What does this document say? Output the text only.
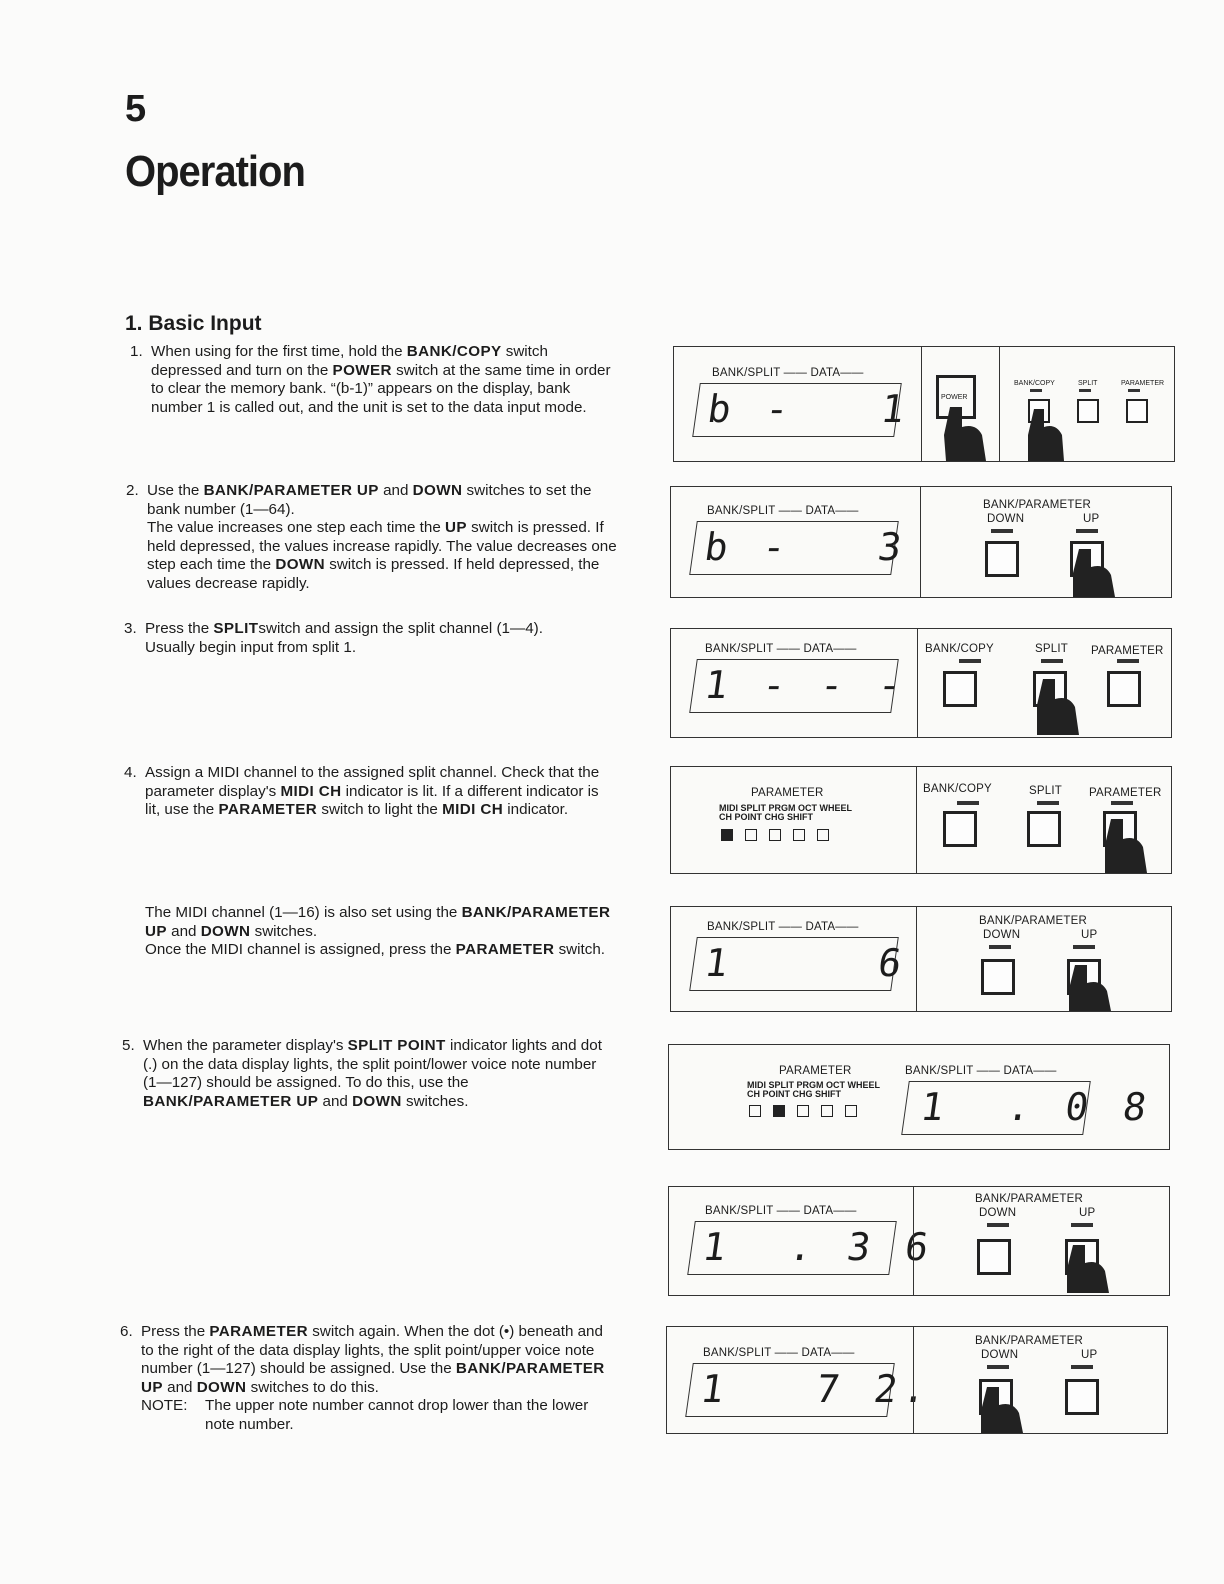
5
Operation
1. Basic Input
1. When using for the first time, hold the BANK/COPY switch depressed and turn on the POWER switch at the same time in order to clear the memory bank. “(b-1)” appears on the display, bank number 1 is called out, and the unit is set to the data input mode.
2. Use the BANK/PARAMETER UP and DOWN switches to set the bank number (1—64).
The value increases one step each time the UP switch is pressed. If held depressed, the values increase rapidly. The value decreases one step each time the DOWN switch is pressed. If held depressed, the values decrease rapidly.
3. Press the SPLITswitch and assign the split channel (1—4).
Usually begin input from split 1.
4. Assign a MIDI channel to the assigned split channel. Check that the parameter display's MIDI CH indicator is lit. If a different indicator is lit, use the PARAMETER switch to light the MIDI CH indicator.
The MIDI channel (1—16) is also set using the BANK/PARAMETER UP and DOWN switches.
Once the MIDI channel is assigned, press the PARAMETER switch.
5. When the parameter display's SPLIT POINT indicator lights and dot (.) on the data display lights, the split point/lower voice note number (1—127) should be assigned. To do this, use the BANK/PARAMETER UP and DOWN switches.
6. Press the PARAMETER switch again. When the dot (•) beneath and to the right of the data display lights, the split point/upper voice note number (1—127) should be assigned. Use the BANK/PARAMETER UP and DOWN switches to do this.
NOTE:	The upper note number cannot drop lower than the lower note number.
BANK/SPLIT —— DATA——
b -   1	POWER
BANK/COPY	SPLIT	PARAMETER
BANK/SPLIT —— DATA——
b -   3
BANK/PARAMETER
DOWN	UP
BANK/SPLIT —— DATA——
1 - - -
BANK/COPY	SPLIT PARAMETER
PARAMETER
MIDI SPLIT PRGM OCT WHEEL
CH POINT CHG SHIFT
BANK/COPY	SPLIT PARAMETER
BANK/SPLIT —— DATA——
1     6
BANK/PARAMETER
DOWN	UP
PARAMETER
MIDI SPLIT PRGM OCT WHEEL
CH POINT CHG SHIFT
BANK/SPLIT —— DATA——
1  . 0 8
BANK/SPLIT —— DATA——
1  . 3 6
BANK/PARAMETER
DOWN	UP
BANK/SPLIT —— DATA——
1   7 2.
BANK/PARAMETER
DOWN	UP
